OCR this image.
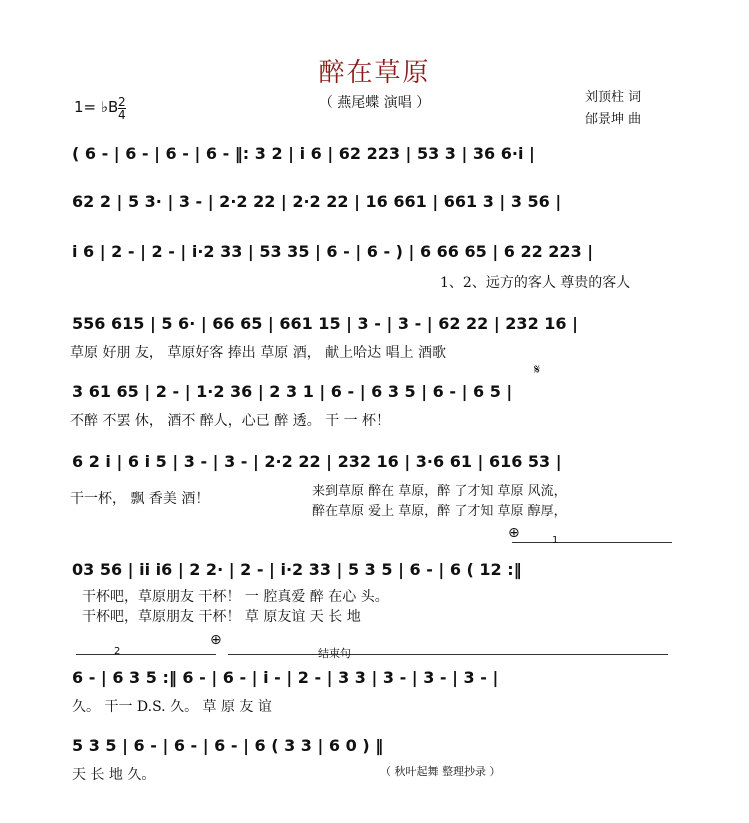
醉在草原
（ 燕尾蝶 演唱 ）	刘顶柱 词
邰景坤 曲
1= ♭B 2
4
( 6 - | 6 - | 6 - | 6 - ‖: 3 2 | i 6 | 62 223 | 53 3 | 36 6·i |
62 2 | 5 3· | 3 - | 2·2 22 | 2·2 22 | 16 661 | 661 3 | 3 56 |
i 6 | 2 - | 2 - | i·2 33 | 53 35 | 6 - | 6 - ) | 6 66 65 | 6 22 223 |
1、2、远方的客人 尊贵的客人
556 615 | 5 6· | 66 65 | 661 15 | 3 - | 3 - | 62 22 | 232 16 |
草原 好朋 友， 草原好客 捧出 草原 酒， 献上哈达 唱上 酒歌
3 61 65 | 2 - | 1·2 36 | 2 3 1 | 6 - | 6 3 5 | 6 - | 6 5 |
不醉 不罢 休， 酒不 醉人，心已 醉 透。 干 一 杯！
𝄋
6 2 i | 6 i 5 | 3 - | 3 - | 2·2 22 | 232 16 | 3·6 61 | 616 53 |
干一杯， 飘 香美 酒！	来到草原 醉在 草原，醉 了才知 草原 风流，
醉在草原 爱上 草原，醉 了才知 草原 醇厚，
⊕	1
03 56 | ii i6 | 2 2· | 2 - | i·2 33 | 5 3 5 | 6 - | 6 ( 12 :‖
干杯吧，草原朋友 干杯！ 一 腔真爱 醉 在心 头。
干杯吧，草原朋友 干杯！ 草 原友谊 天 长 地
⊕
2	结束句
6 - | 6 3 5 :‖ 6 - | 6 - | i - | 2 - | 3 3 | 3 - | 3 - | 3 - |
久。 干一 D.S. 久。 草 原 友 谊
5 3 5 | 6 - | 6 - | 6 - | 6 ( 3 3 | 6 0 ) ‖
天 长 地 久。	（ 秋叶起舞 整理抄录 ）
